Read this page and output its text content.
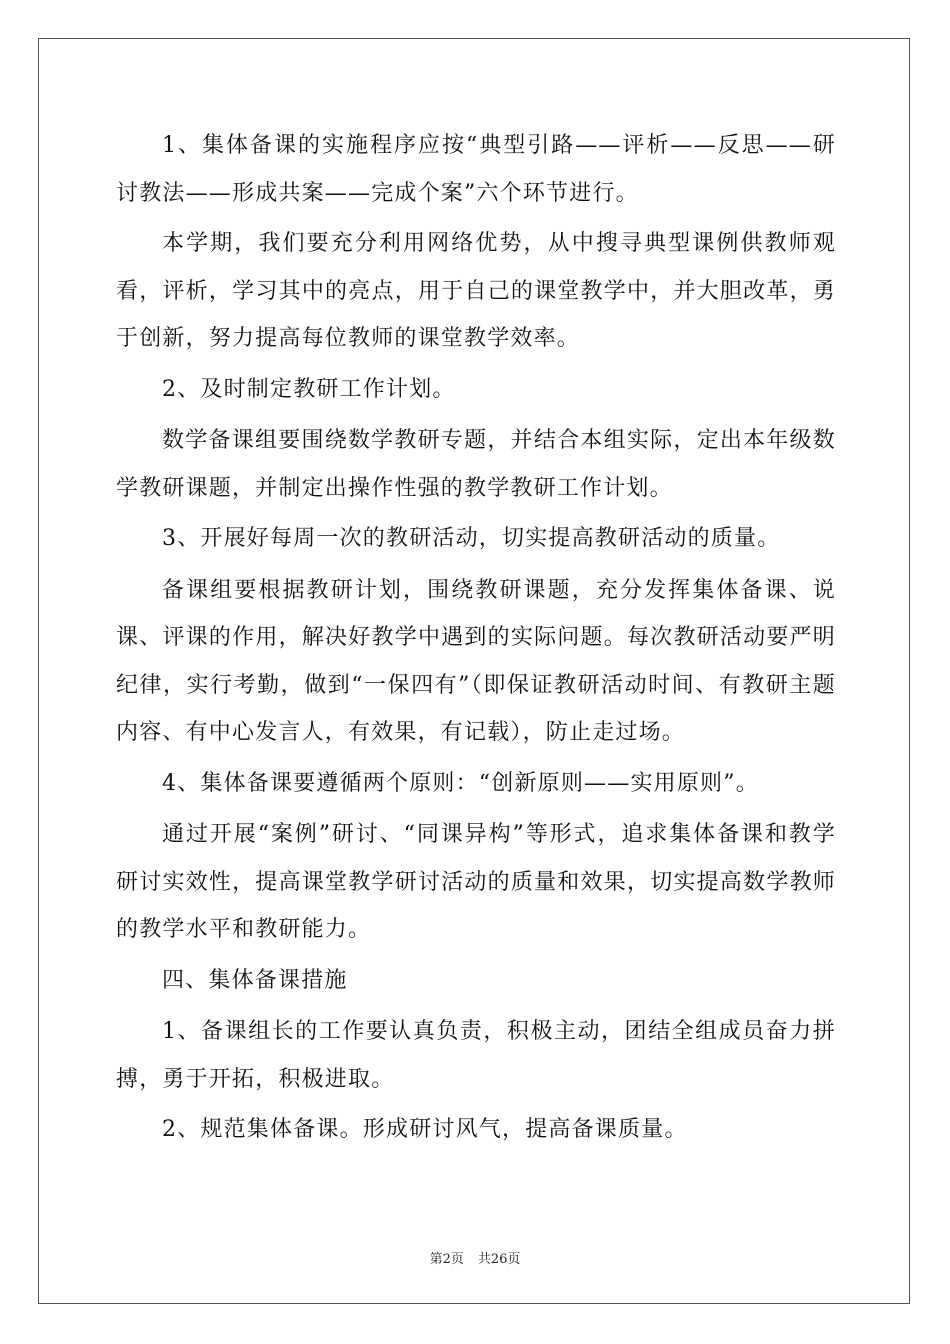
1、集体备课的实施程序应按“典型引路——评析——反思——研讨教法——形成共案——完成个案”六个环节进行。

本学期，我们要充分利用网络优势，从中搜寻典型课例供教师观看，评析，学习其中的亮点，用于自己的课堂教学中，并大胆改革，勇于创新，努力提高每位教师的课堂教学效率。

2、及时制定教研工作计划。

数学备课组要围绕数学教研专题，并结合本组实际，定出本年级数学教研课题，并制定出操作性强的教学教研工作计划。

3、开展好每周一次的教研活动，切实提高教研活动的质量。

备课组要根据教研计划，围绕教研课题，充分发挥集体备课、说课、评课的作用，解决好教学中遇到的实际问题。每次教研活动要严明纪律，实行考勤，做到“一保四有”（即保证教研活动时间、有教研主题内容、有中心发言人，有效果，有记载），防止走过场。

4、集体备课要遵循两个原则：“创新原则——实用原则”。

通过开展“案例”研讨、“同课异构”等形式，追求集体备课和教学研讨实效性，提高课堂教学研讨活动的质量和效果，切实提高数学教师的教学水平和教研能力。

四、集体备课措施

1、备课组长的工作要认真负责，积极主动，团结全组成员奋力拼搏，勇于开拓，积极进取。

2、规范集体备课。形成研讨风气，提高备课质量。

第2页 共26页
